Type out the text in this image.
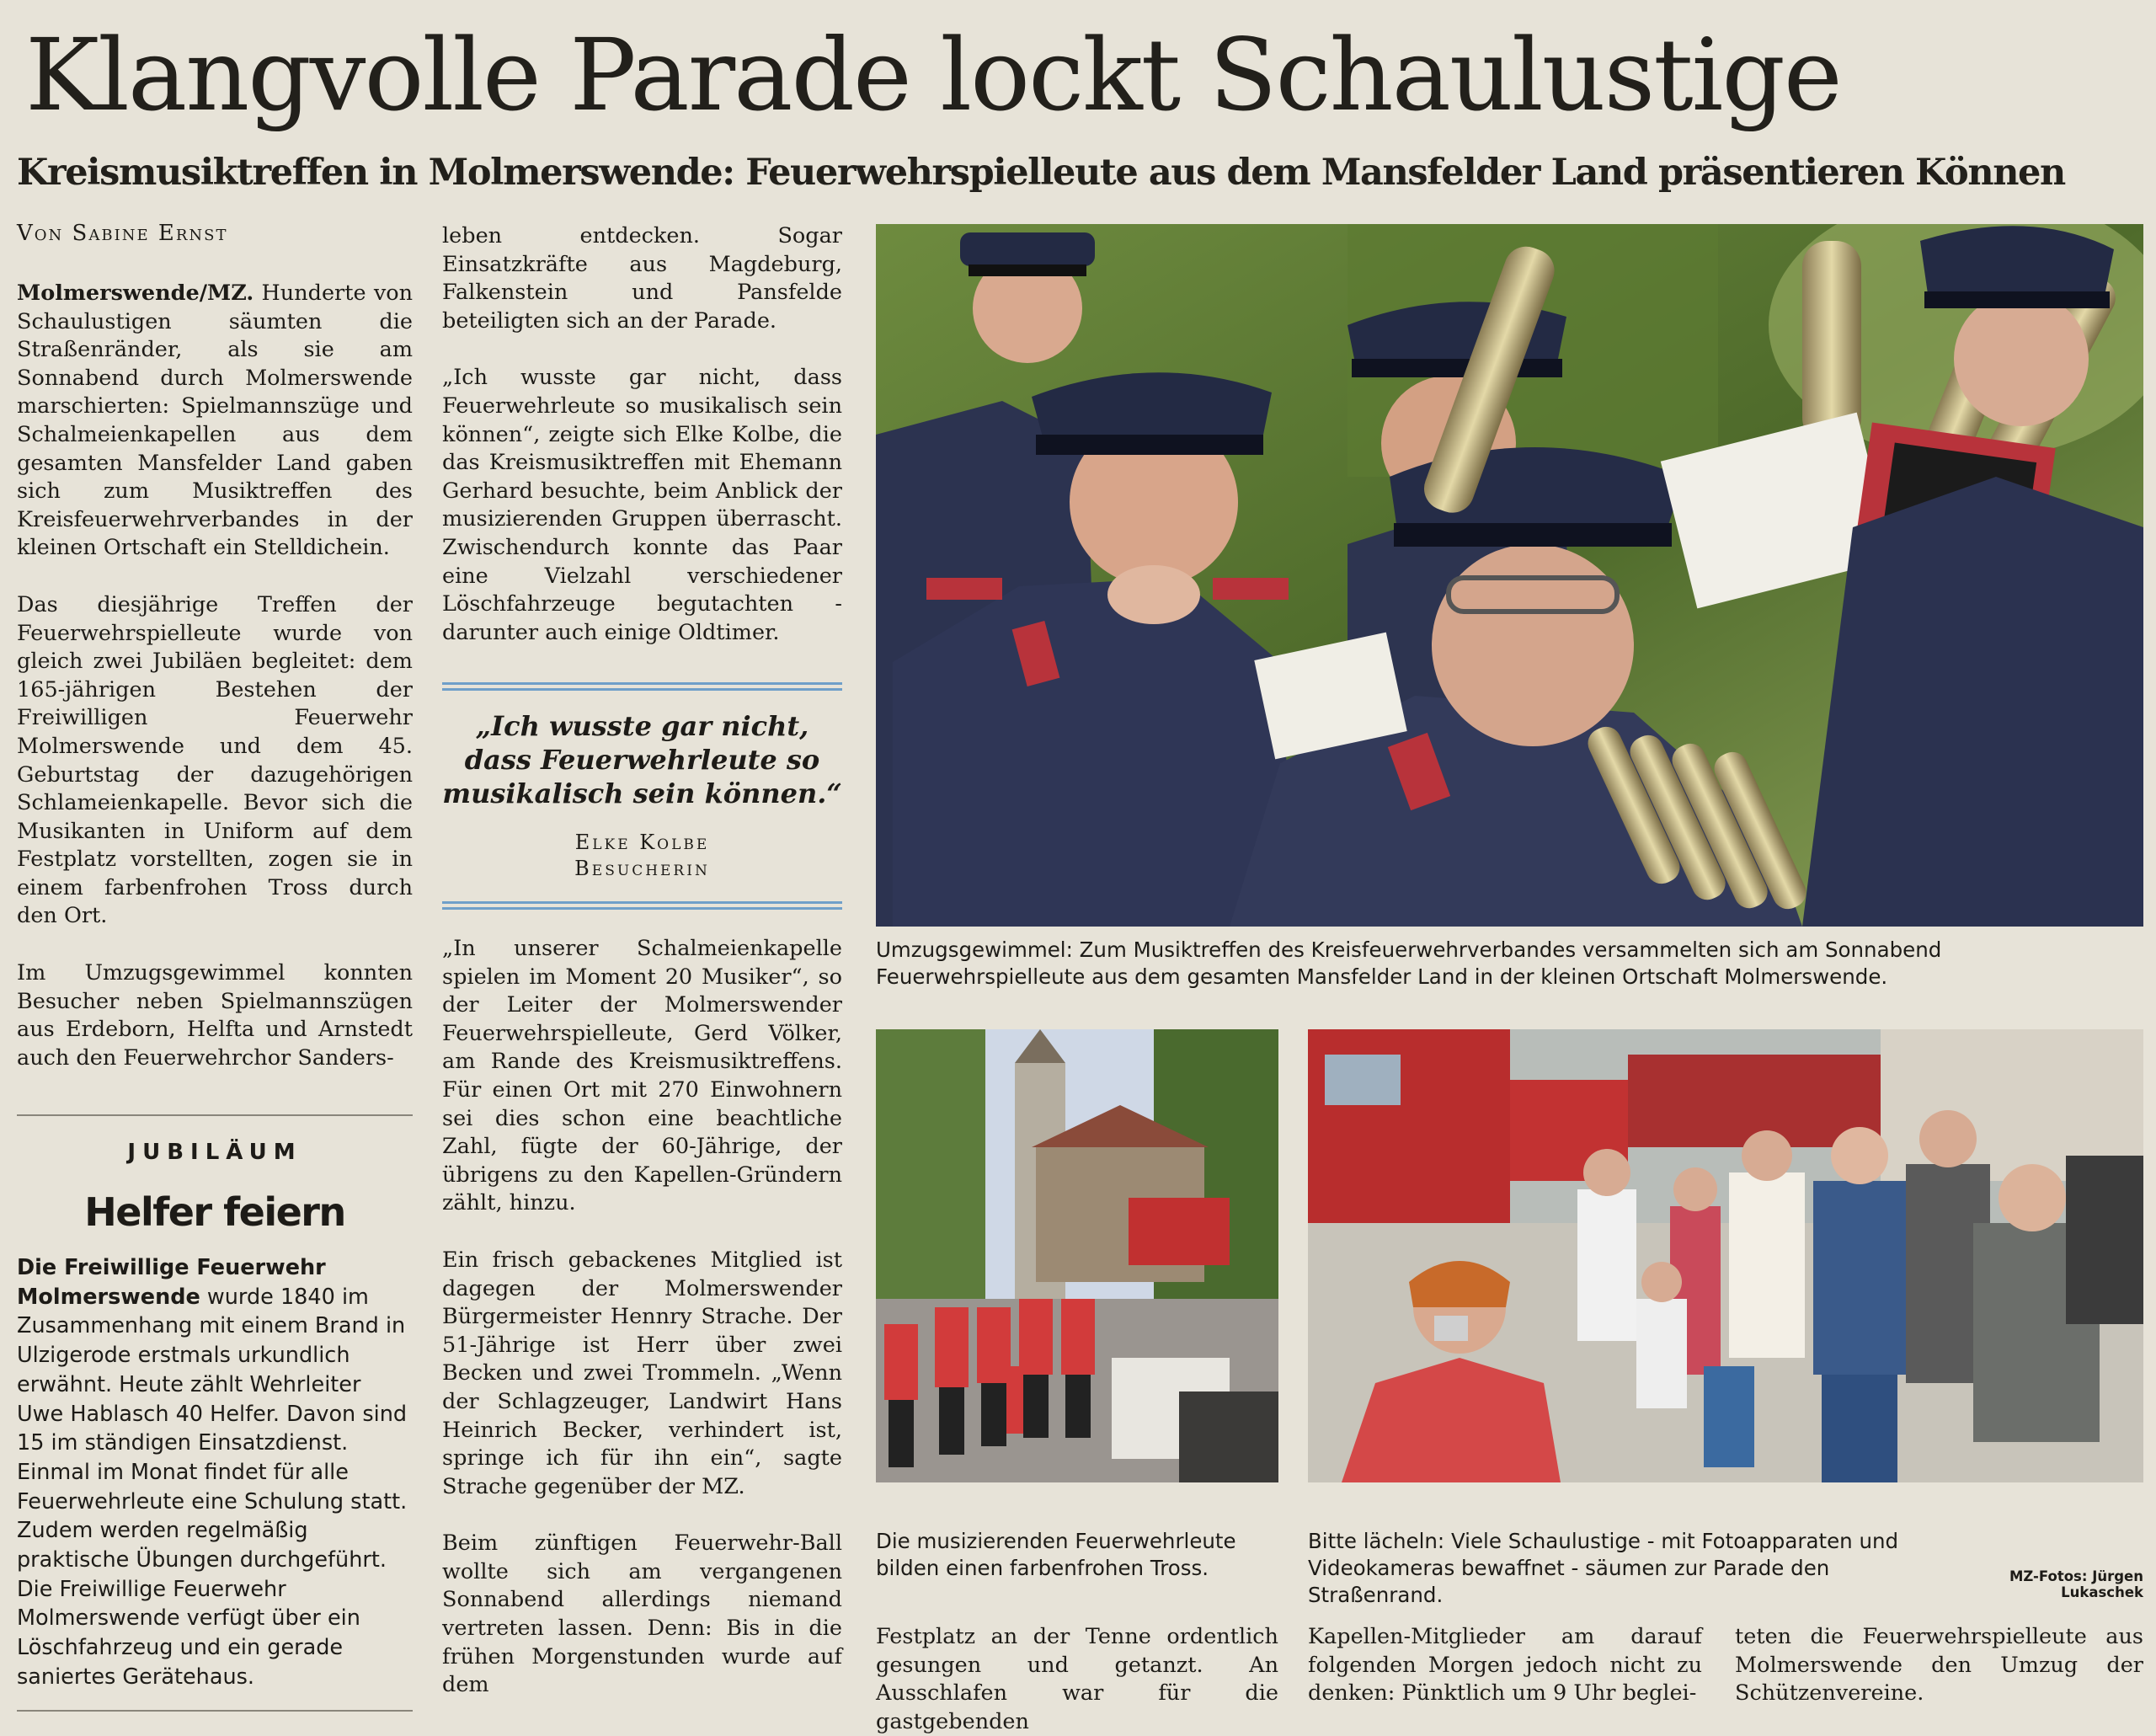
Klangvolle Parade lockt Schaulustige
Kreismusiktreffen in Molmerswende: Feuerwehrspielleute aus dem Mansfelder Land präsentieren Können
Von Sabine Ernst

Molmerswende/MZ. Hunderte von Schaulustigen säumten die Straßenränder, als sie am Sonnabend durch Molmerswende marschierten: Spielmannszüge und Schalmeienkapellen aus dem gesamten Mansfelder Land gaben sich zum Musiktreffen des Kreisfeuerwehrverbandes in der kleinen Ortschaft ein Stelldichein.

Das diesjährige Treffen der Feuerwehrspielleute wurde von gleich zwei Jubiläen begleitet: dem 165-jährigen Bestehen der Freiwilligen Feuerwehr Molmerswende und dem 45. Geburtstag der dazugehörigen Schlameienkapelle. Bevor sich die Musikanten in Uniform auf dem Festplatz vorstellten, zogen sie in einem farbenfrohen Tross durch den Ort.

Im Umzugsgewimmel konnten Besucher neben Spielmannszügen aus Erdeborn, Helfta und Arnstedt auch den Feuerwehrchor Sanders-

JUBILÄUM
Helfer feiern
Die Freiwillige Feuerwehr Molmerswende wurde 1840 im Zusammenhang mit einem Brand in Ulzigerode erstmals urkundlich erwähnt. Heute zählt Wehrleiter Uwe Hablasch 40 Helfer. Davon sind 15 im ständigen Einsatzdienst. Einmal im Monat findet für alle Feuerwehrleute eine Schulung statt. Zudem werden regelmäßig praktische Übungen durchgeführt. Die Freiwillige Feuerwehr Molmerswende verfügt über ein Löschfahrzeug und ein gerade saniertes Gerätehaus.

leben entdecken. Sogar Einsatzkräfte aus Magdeburg, Falkenstein und Pansfelde beteiligten sich an der Parade.

„Ich wusste gar nicht, dass Feuerwehrleute so musikalisch sein können“, zeigte sich Elke Kolbe, die das Kreismusiktreffen mit Ehemann Gerhard besuchte, beim Anblick der musizierenden Gruppen überrascht. Zwischendurch konnte das Paar eine Vielzahl verschiedener Löschfahrzeuge begutachten - darunter auch einige Oldtimer.

„Ich wusste gar nicht, dass Feuerwehrleute so musikalisch sein können.“
Elke Kolbe
Besucherin

„In unserer Schalmeienkapelle spielen im Moment 20 Musiker“, so der Leiter der Molmerswender Feuerwehrspielleute, Gerd Völker, am Rande des Kreismusiktreffens. Für einen Ort mit 270 Einwohnern sei dies schon eine beachtliche Zahl, fügte der 60-Jährige, der übrigens zu den Kapellen-Gründern zählt, hinzu.

Ein frisch gebackenes Mitglied ist dagegen der Molmerswender Bürgermeister Hennry Strache. Der 51-Jährige ist Herr über zwei Becken und zwei Trommeln. „Wenn der Schlagzeuger, Landwirt Hans Heinrich Becker, verhindert ist, springe ich für ihn ein“, sagte Strache gegenüber der MZ.

Beim zünftigen Feuerwehr-Ball wollte sich am vergangenen Sonnabend allerdings niemand vertreten lassen. Denn: Bis in die frühen Morgenstunden wurde auf dem

Umzugsgewimmel: Zum Musiktreffen des Kreisfeuerwehrverbandes versammelten sich am Sonnabend Feuerwehrspielleute aus dem gesamten Mansfelder Land in der kleinen Ortschaft Molmerswende.

Die musizierenden Feuerwehrleute bilden einen farbenfrohen Tross.

Bitte lächeln: Viele Schaulustige - mit Fotoapparaten und Videokameras bewaffnet - säumen zur Parade den Straßenrand.

MZ-Fotos: Jürgen Lukaschek

Festplatz an der Tenne ordentlich gesungen und getanzt. An Ausschlafen war für die gastgebenden

Kapellen-Mitglieder am darauf folgenden Morgen jedoch nicht zu denken: Pünktlich um 9 Uhr beglei-

teten die Feuerwehrspielleute aus Molmerswende den Umzug der Schützenvereine.
